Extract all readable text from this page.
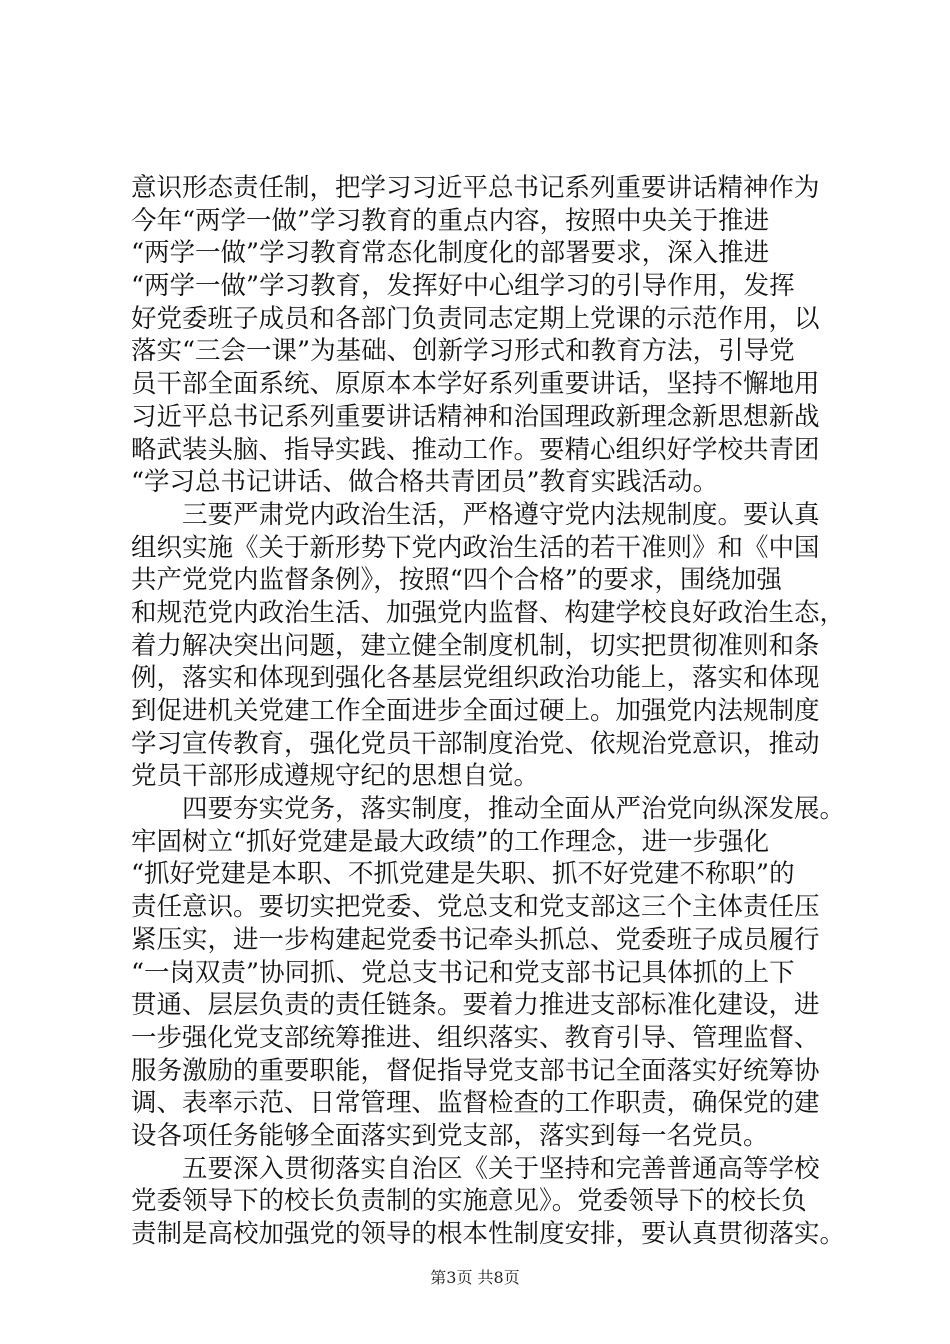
意识形态责任制，把学习习近平总书记系列重要讲话精神作为
今年“两学一做”学习教育的重点内容，按照中央关于推进
“两学一做”学习教育常态化制度化的部署要求，深入推进
“两学一做”学习教育，发挥好中心组学习的引导作用，发挥
好党委班子成员和各部门负责同志定期上党课的示范作用，以
落实“三会一课”为基础、创新学习形式和教育方法，引导党
员干部全面系统、原原本本学好系列重要讲话，坚持不懈地用
习近平总书记系列重要讲话精神和治国理政新理念新思想新战
略武装头脑、指导实践、推动工作。要精心组织好学校共青团
“学习总书记讲话、做合格共青团员”教育实践活动。
　　三要严肃党内政治生活，严格遵守党内法规制度。要认真
组织实施《关于新形势下党内政治生活的若干准则》和《中国
共产党党内监督条例》，按照“四个合格”的要求，围绕加强
和规范党内政治生活、加强党内监督、构建学校良好政治生态，
着力解决突出问题，建立健全制度机制，切实把贯彻准则和条
例，落实和体现到强化各基层党组织政治功能上，落实和体现
到促进机关党建工作全面进步全面过硬上。加强党内法规制度
学习宣传教育，强化党员干部制度治党、依规治党意识，推动
党员干部形成遵规守纪的思想自觉。
　　四要夯实党务，落实制度，推动全面从严治党向纵深发展。
牢固树立“抓好党建是最大政绩”的工作理念，进一步强化
“抓好党建是本职、不抓党建是失职、抓不好党建不称职”的
责任意识。要切实把党委、党总支和党支部这三个主体责任压
紧压实，进一步构建起党委书记牵头抓总、党委班子成员履行
“一岗双责”协同抓、党总支书记和党支部书记具体抓的上下
贯通、层层负责的责任链条。要着力推进支部标准化建设，进
一步强化党支部统筹推进、组织落实、教育引导、管理监督、
服务激励的重要职能，督促指导党支部书记全面落实好统筹协
调、表率示范、日常管理、监督检查的工作职责，确保党的建
设各项任务能够全面落实到党支部，落实到每一名党员。
　　五要深入贯彻落实自治区《关于坚持和完善普通高等学校
党委领导下的校长负责制的实施意见》。党委领导下的校长负
责制是高校加强党的领导的根本性制度安排，要认真贯彻落实。
第3页 共8页
